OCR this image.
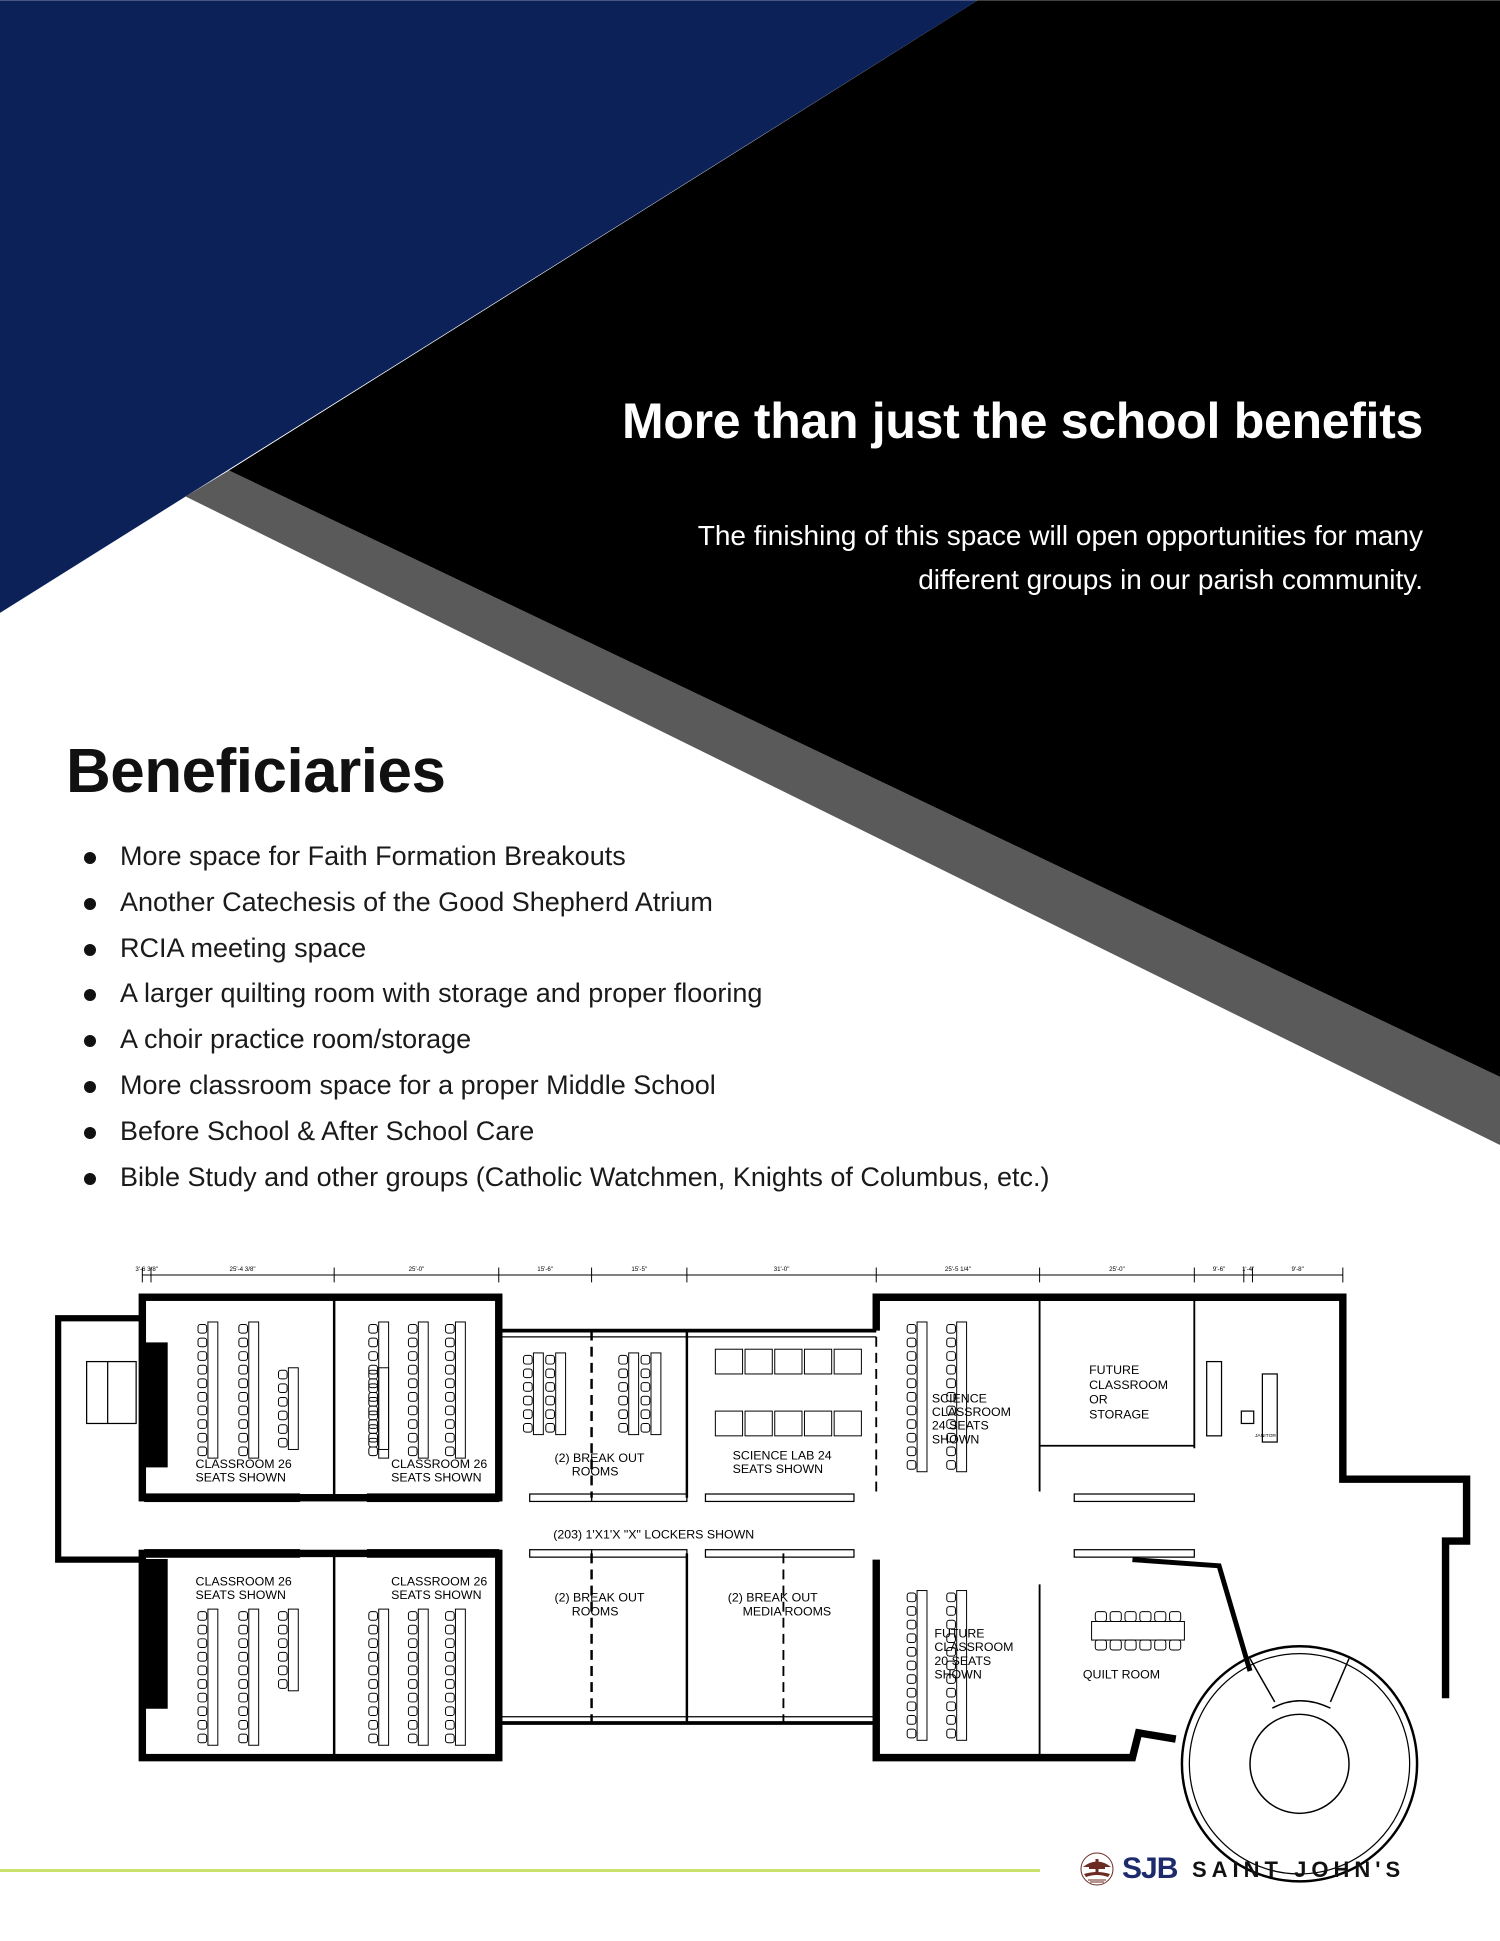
3'-6 3/8"	25'-4 3/8"	25'-0"	15'-6"	15'-5"	31'-0"	25'-5 1/4"	25'-0"	9'-6"	1'-4"	9'-8"
CLASSROOM 26 SEATS SHOWN
CLASSROOM 26 SEATS SHOWN
CLASSROOM 26 SEATS SHOWN
CLASSROOM 26 SEATS SHOWN
(2) BREAK OUT ROOMS
(2) BREAK OUT ROOMS
SCIENCE LAB 24 SEATS SHOWN
SCIENCE CLASSROOM 24 SEATS SHOWN
FUTURE CLASSROOM OR STORAGE
JANITOR
(203) 1'X1'X "X" LOCKERS SHOWN
(2) BREAK OUT MEDIA ROOMS
FUTURE CLASSROOM 20 SEATS SHOWN	QUILT ROOM
More than just the school benefits
The finishing of this space will open opportunities for many
different groups in our parish community.
Beneficiaries
More space for Faith Formation Breakouts
Another Catechesis of the Good Shepherd Atrium
RCIA meeting space
A larger quilting room with storage and proper flooring
A choir practice room/storage
More classroom space for a proper Middle School
Before School & After School Care
Bible Study and other groups (Catholic Watchmen, Knights of Columbus, etc.)
SJB SAINT JOHN'S
